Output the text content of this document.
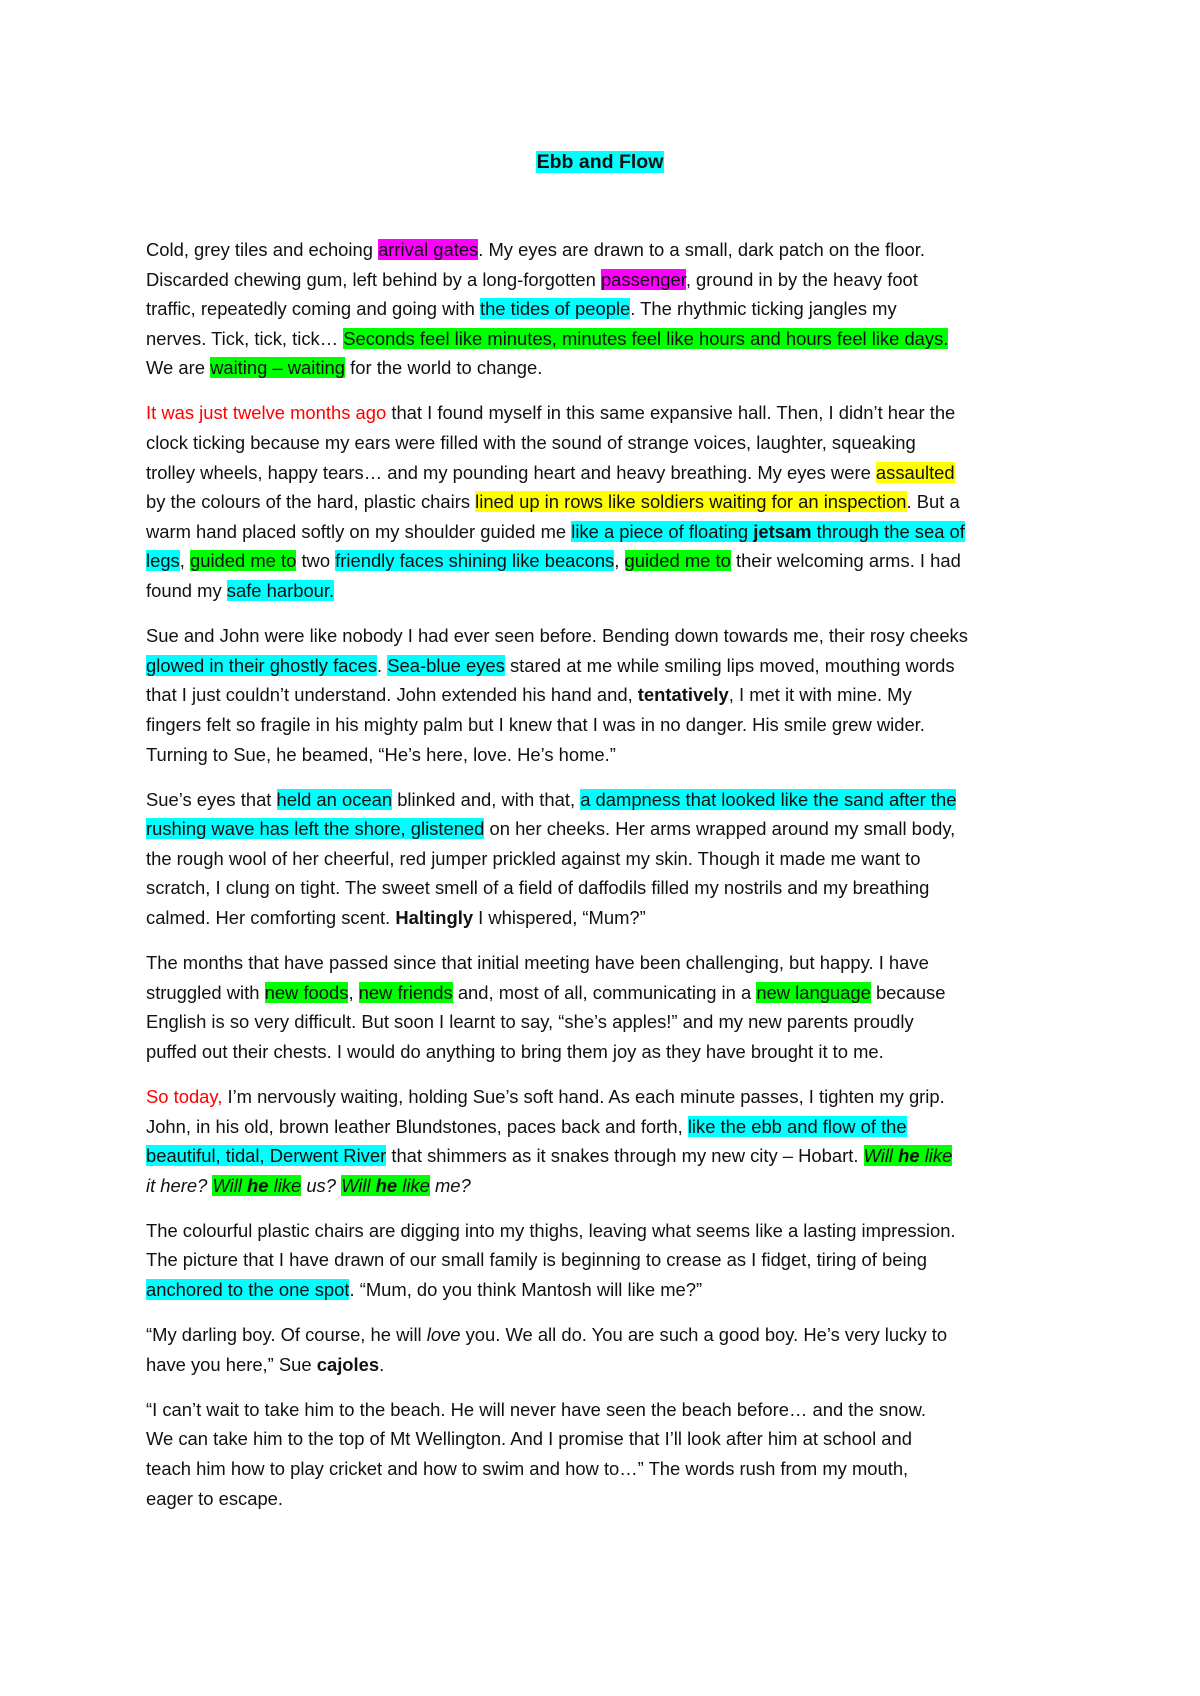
Ebb and Flow

Cold, grey tiles and echoing arrival gates. My eyes are drawn to a small, dark patch on the floor.
Discarded chewing gum, left behind by a long-forgotten passenger, ground in by the heavy foot
traffic, repeatedly coming and going with the tides of people. The rhythmic ticking jangles my
nerves. Tick, tick, tick… Seconds feel like minutes, minutes feel like hours and hours feel like days.
We are waiting – waiting for the world to change.

It was just twelve months ago that I found myself in this same expansive hall. Then, I didn’t hear the
clock ticking because my ears were filled with the sound of strange voices, laughter, squeaking
trolley wheels, happy tears… and my pounding heart and heavy breathing. My eyes were assaulted
by the colours of the hard, plastic chairs lined up in rows like soldiers waiting for an inspection. But a
warm hand placed softly on my shoulder guided me like a piece of floating jetsam through the sea of
legs, guided me to two friendly faces shining like beacons, guided me to their welcoming arms. I had
found my safe harbour.

Sue and John were like nobody I had ever seen before. Bending down towards me, their rosy cheeks
glowed in their ghostly faces. Sea-blue eyes stared at me while smiling lips moved, mouthing words
that I just couldn’t understand. John extended his hand and, tentatively, I met it with mine. My
fingers felt so fragile in his mighty palm but I knew that I was in no danger. His smile grew wider.
Turning to Sue, he beamed, “He’s here, love. He’s home.”

Sue’s eyes that held an ocean blinked and, with that, a dampness that looked like the sand after the
rushing wave has left the shore, glistened on her cheeks. Her arms wrapped around my small body,
the rough wool of her cheerful, red jumper prickled against my skin. Though it made me want to
scratch, I clung on tight. The sweet smell of a field of daffodils filled my nostrils and my breathing
calmed. Her comforting scent. Haltingly I whispered, “Mum?”

The months that have passed since that initial meeting have been challenging, but happy. I have
struggled with new foods, new friends and, most of all, communicating in a new language because
English is so very difficult. But soon I learnt to say, “she’s apples!” and my new parents proudly
puffed out their chests. I would do anything to bring them joy as they have brought it to me.

So today, I’m nervously waiting, holding Sue’s soft hand. As each minute passes, I tighten my grip.
John, in his old, brown leather Blundstones, paces back and forth, like the ebb and flow of the
beautiful, tidal, Derwent River that shimmers as it snakes through my new city – Hobart. Will he like
it here? Will he like us? Will he like me?

The colourful plastic chairs are digging into my thighs, leaving what seems like a lasting impression.
The picture that I have drawn of our small family is beginning to crease as I fidget, tiring of being
anchored to the one spot. “Mum, do you think Mantosh will like me?”

“My darling boy. Of course, he will love you. We all do. You are such a good boy. He’s very lucky to
have you here,” Sue cajoles.

“I can’t wait to take him to the beach. He will never have seen the beach before… and the snow.
We can take him to the top of Mt Wellington. And I promise that I’ll look after him at school and
teach him how to play cricket and how to swim and how to…” The words rush from my mouth,
eager to escape.
